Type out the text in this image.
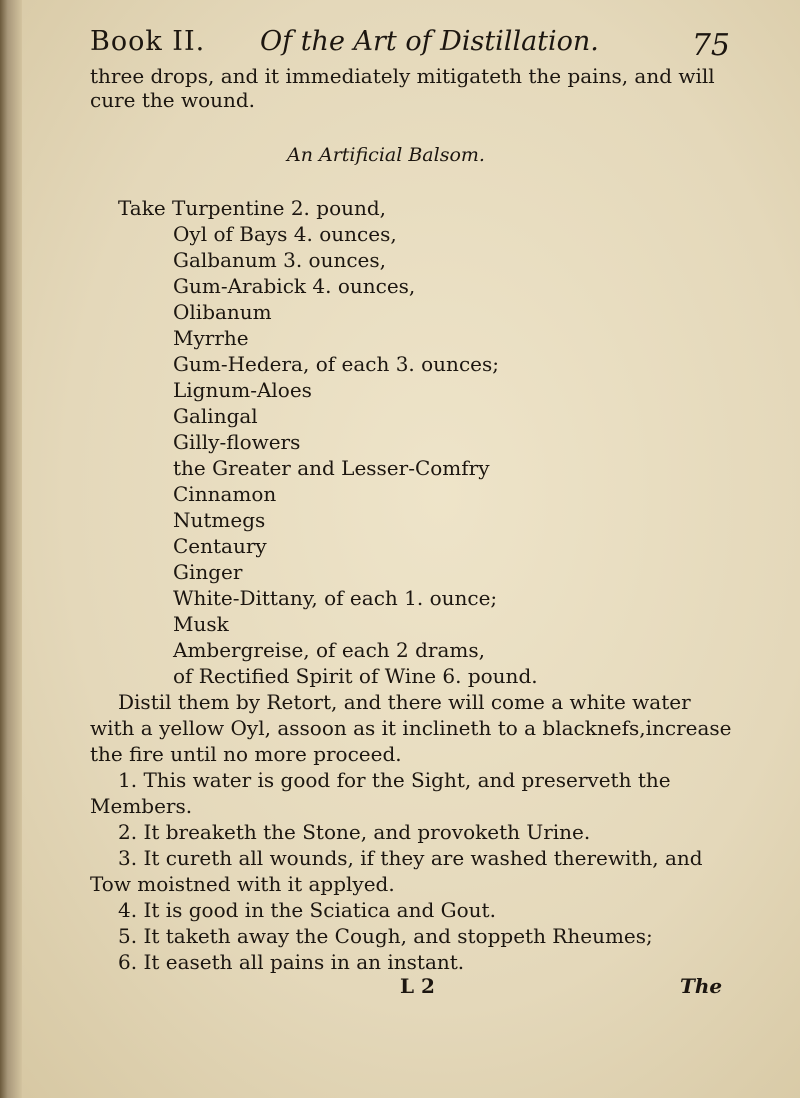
Book II. Of the Art of Distillation.	75
three drops, and it immediately mitigateth the pains, and will
cure the wound.
An Artificial Balsom.
Take Turpentine 2. pound,
Oyl of Bays 4. ounces,
Galbanum 3. ounces,
Gum-Arabick 4. ounces,
Olibanum
Myrrhe
Gum-Hedera, of each 3. ounces;
Lignum-Aloes
Galingal
Gilly-flowers
the Greater and Lesser-Comfry
Cinnamon
Nutmegs
Centaury
Ginger
White-Dittany, of each 1. ounce;
Musk
Ambergreise, of each 2 drams,
of Rectified Spirit of Wine 6. pound.
Distil them by Retort, and there will come a white water
with a yellow Oyl, assoon as it inclineth to a blacknefs,increase
the fire until no more proceed.
1. This water is good for the Sight, and preserveth the
Members.
2. It breaketh the Stone, and provoketh Urine.
3. It cureth all wounds, if they are washed therewith, and
Tow moistned with it applyed.
4. It is good in the Sciatica and Gout.
5. It taketh away the Cough, and stoppeth Rheumes;
6. It easeth all pains in an instant.
L 2	The
